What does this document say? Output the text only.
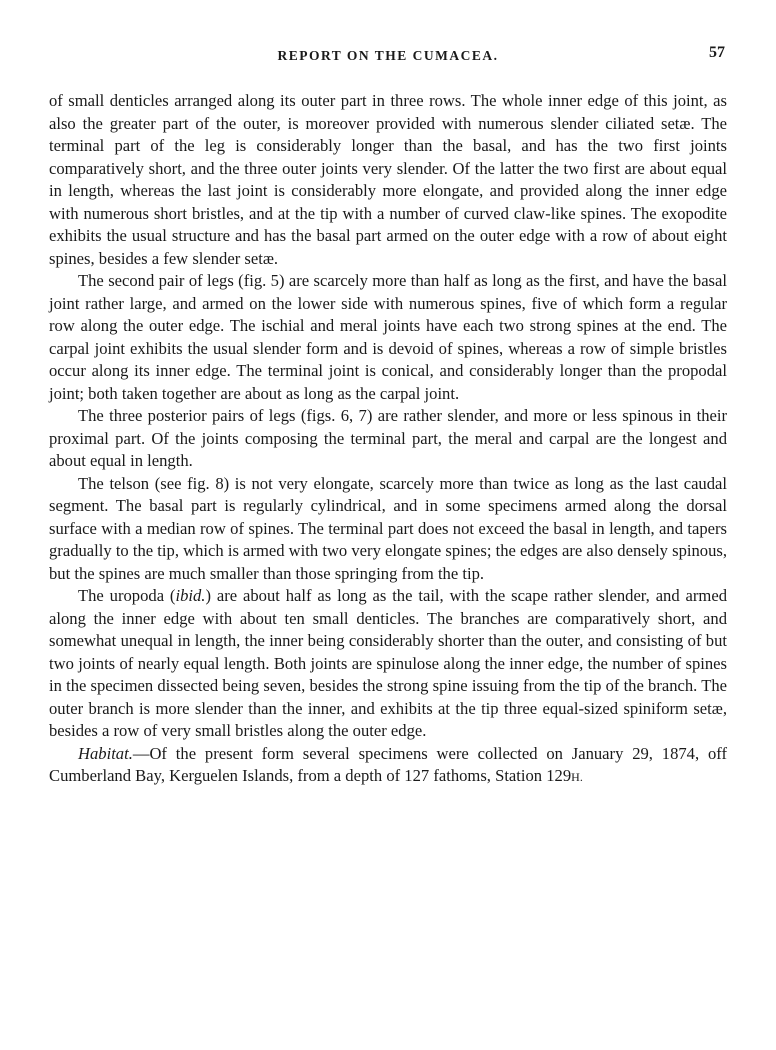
REPORT ON THE CUMACEA.	57

of small denticles arranged along its outer part in three rows. The whole inner edge of this joint, as also the greater part of the outer, is moreover provided with numerous slender ciliated setæ. The terminal part of the leg is considerably longer than the basal, and has the two first joints comparatively short, and the three outer joints very slender. Of the latter the two first are about equal in length, whereas the last joint is considerably more elongate, and provided along the inner edge with numerous short bristles, and at the tip with a number of curved claw-like spines. The exopodite exhibits the usual structure and has the basal part armed on the outer edge with a row of about eight spines, besides a few slender setæ.

The second pair of legs (fig. 5) are scarcely more than half as long as the first, and have the basal joint rather large, and armed on the lower side with numerous spines, five of which form a regular row along the outer edge. The ischial and meral joints have each two strong spines at the end. The carpal joint exhibits the usual slender form and is devoid of spines, whereas a row of simple bristles occur along its inner edge. The terminal joint is conical, and considerably longer than the propodal joint; both taken together are about as long as the carpal joint.

The three posterior pairs of legs (figs. 6, 7) are rather slender, and more or less spinous in their proximal part. Of the joints composing the terminal part, the meral and carpal are the longest and about equal in length.

The telson (see fig. 8) is not very elongate, scarcely more than twice as long as the last caudal segment. The basal part is regularly cylindrical, and in some specimens armed along the dorsal surface with a median row of spines. The terminal part does not exceed the basal in length, and tapers gradually to the tip, which is armed with two very elongate spines; the edges are also densely spinous, but the spines are much smaller than those springing from the tip.

The uropoda (ibid.) are about half as long as the tail, with the scape rather slender, and armed along the inner edge with about ten small denticles. The branches are comparatively short, and somewhat unequal in length, the inner being considerably shorter than the outer, and consisting of but two joints of nearly equal length. Both joints are spinulose along the inner edge, the number of spines in the specimen dissected being seven, besides the strong spine issuing from the tip of the branch. The outer branch is more slender than the inner, and exhibits at the tip three equal-sized spiniform setæ, besides a row of very small bristles along the outer edge.

Habitat.—Of the present form several specimens were collected on January 29, 1874, off Cumberland Bay, Kerguelen Islands, from a depth of 127 fathoms, Station 129H.
